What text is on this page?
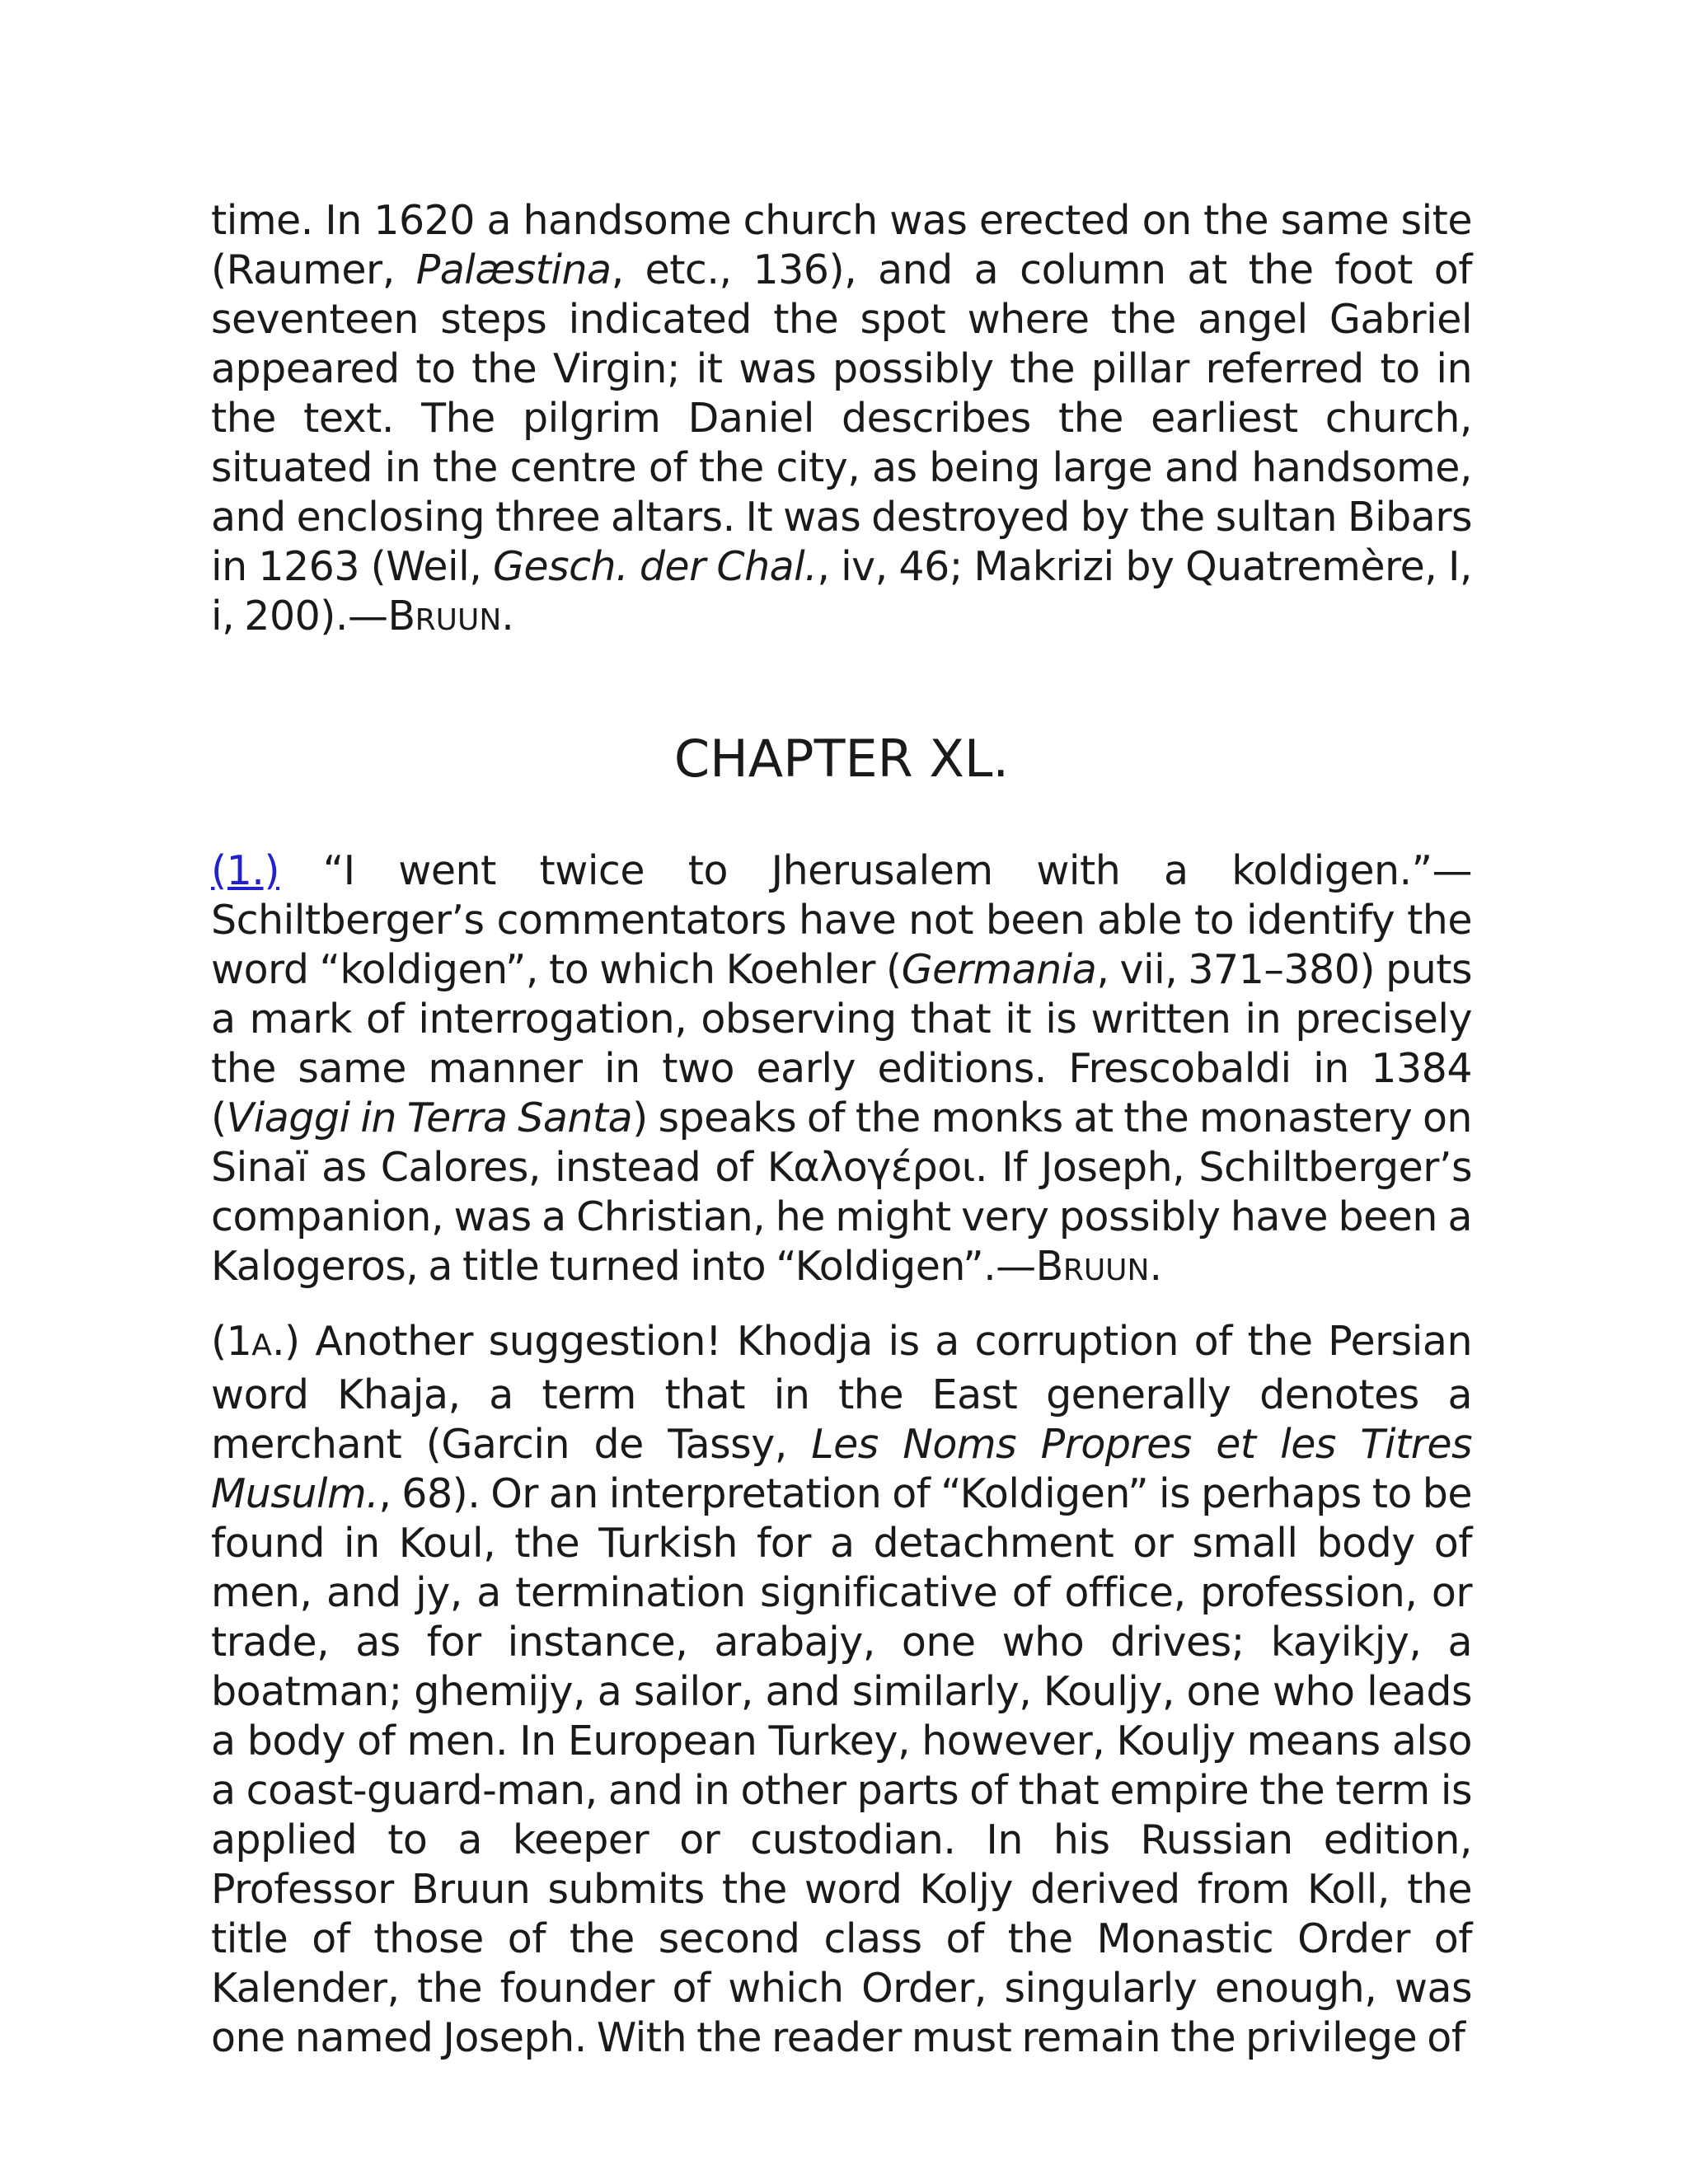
time. In 1620 a handsome church was erected on the same site (Raumer, Palæstina, etc., 136), and a column at the foot of seventeen steps indicated the spot where the angel Gabriel appeared to the Virgin; it was possibly the pillar referred to in the text. The pilgrim Daniel describes the earliest church, situated in the centre of the city, as being large and handsome, and enclosing three altars. It was destroyed by the sultan Bibars in 1263 (Weil, Gesch. der Chal., iv, 46; Makrizi by Quatremère, I, i, 200).—BRUUN.

CHAPTER XL.

(1.) “I went twice to Jherusalem with a koldigen.”—Schiltberger’s commentators have not been able to identify the word “koldigen”, to which Koehler (Germania, vii, 371–380) puts a mark of interrogation, observing that it is written in precisely the same manner in two early editions. Frescobaldi in 1384 (Viaggi in Terra Santa) speaks of the monks at the monastery on Sinaï as Calores, instead of Καλογέροι. If Joseph, Schiltberger’s companion, was a Christian, he might very possibly have been a Kalogeros, a title turned into “Koldigen”.—BRUUN.

(1A.) Another suggestion! Khodja is a corruption of the Persian word Khaja, a term that in the East generally denotes a merchant (Garcin de Tassy, Les Noms Propres et les Titres Musulm., 68). Or an interpretation of “Koldigen” is perhaps to be found in Koul, the Turkish for a detachment or small body of men, and jy, a termination significative of office, profession, or trade, as for instance, arabajy, one who drives; kayikjy, a boatman; ghemijy, a sailor, and similarly, Kouljy, one who leads a body of men. In European Turkey, however, Kouljy means also a coast-guard-man, and in other parts of that empire the term is applied to a keeper or custodian. In his Russian edition, Professor Bruun submits the word Koljy derived from Koll, the title of those of the second class of the Monastic Order of Kalender, the founder of which Order, singularly enough, was one named Joseph. With the reader must remain the privilege of
